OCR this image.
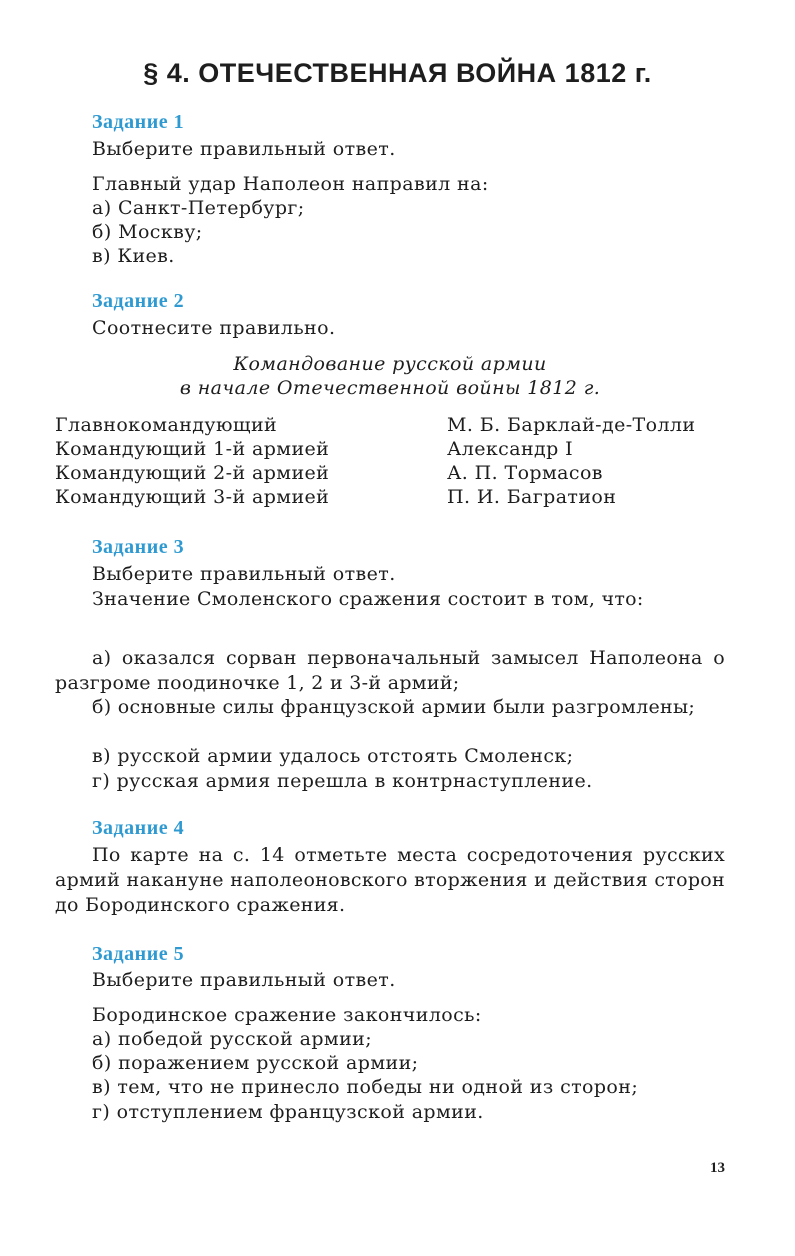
§ 4. ОТЕЧЕСТВЕННАЯ ВОЙНА 1812 г.

Задание 1

Выберите правильный ответ.

Главный удар Наполеон направил на:

а) Санкт-Петербург;

б) Москву;

в) Киев.

Задание 2

Соотнесите правильно.

Командование русской армии

в начале Отечественной войны 1812 г.

Главнокомандующий

Командующий 1-й армией

Командующий 2-й армией

Командующий 3-й армией

М. Б. Барклай-де-Толли

Александр I

А. П. Тормасов

П. И. Багратион

Задание 3

Выберите правильный ответ.

Значение Смоленского сражения состоит в том, что:

а) оказался сорван первоначальный замысел Наполеона о разгроме поодиночке 1, 2 и 3-й армий;

б) основные силы французской армии были разгромлены;

в) русской армии удалось отстоять Смоленск;

г) русская армия перешла в контрнаступление.

Задание 4

По карте на с. 14 отметьте места сосредоточения русских армий накануне наполеоновского вторжения и действия сторон до Бородинского сражения.

Задание 5

Выберите правильный ответ.

Бородинское сражение закончилось:

а) победой русской армии;

б) поражением русской армии;

в) тем, что не принесло победы ни одной из сторон;

г) отступлением французской армии.

13
